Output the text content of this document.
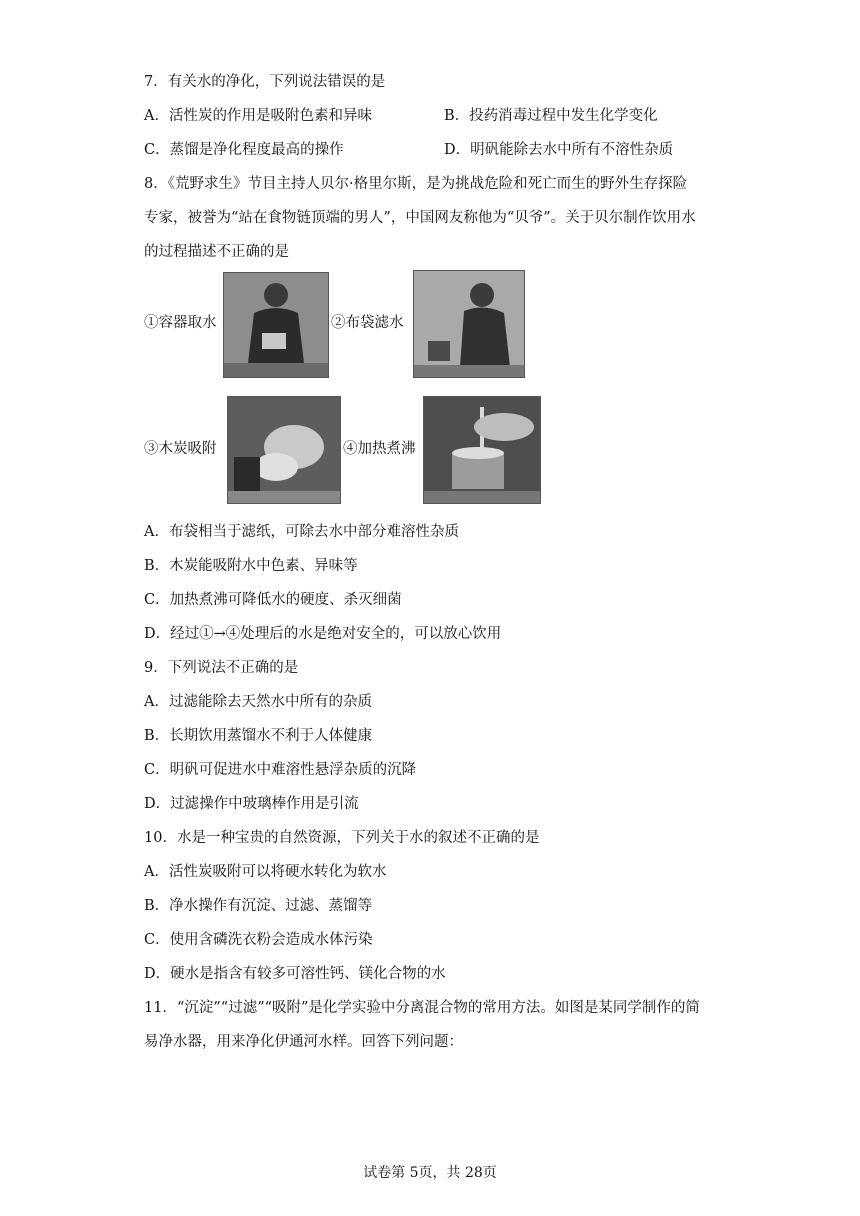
7．有关水的净化，下列说法错误的是
A．活性炭的作用是吸附色素和异味	B．投药消毒过程中发生化学变化
C．蒸馏是净化程度最高的操作	D．明矾能除去水中所有不溶性杂质
8．《荒野求生》节目主持人贝尔·格里尔斯，是为挑战危险和死亡而生的野外生存探险
专家，被誉为“站在食物链顶端的男人”，中国网友称他为“贝爷”。关于贝尔制作饮用水
的过程描述不正确的是
①容器取水	②布袋滤水
③木炭吸附	④加热煮沸
A．布袋相当于滤纸，可除去水中部分难溶性杂质
B．木炭能吸附水中色素、异味等
C．加热煮沸可降低水的硬度、杀灭细菌
D．经过①→④处理后的水是绝对安全的，可以放心饮用
9．下列说法不正确的是
A．过滤能除去天然水中所有的杂质
B．长期饮用蒸馏水不利于人体健康
C．明矾可促进水中难溶性悬浮杂质的沉降
D．过滤操作中玻璃棒作用是引流
10．水是一种宝贵的自然资源，下列关于水的叙述不正确的是
A．活性炭吸附可以将硬水转化为软水
B．净水操作有沉淀、过滤、蒸馏等
C．使用含磷洗衣粉会造成水体污染
D．硬水是指含有较多可溶性钙、镁化合物的水
11．“沉淀”“过滤”“吸附”是化学实验中分离混合物的常用方法。如图是某同学制作的简
易净水器，用来净化伊通河水样。回答下列问题：
试卷第 5页，共 28页
